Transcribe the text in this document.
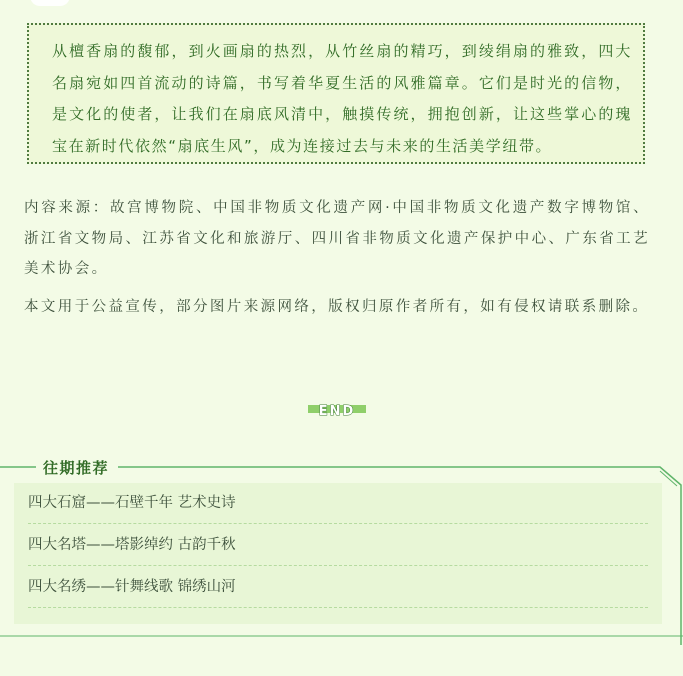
从檀香扇的馥郁，到火画扇的热烈，从竹丝扇的精巧，到绫绢扇的雅致，四大名扇宛如四首流动的诗篇，书写着华夏生活的风雅篇章。它们是时光的信物，是文化的使者，让我们在扇底风清中，触摸传统，拥抱创新，让这些掌心的瑰宝在新时代依然“扇底生风”，成为连接过去与未来的生活美学纽带。
内容来源：故宫博物院、中国非物质文化遗产网·中国非物质文化遗产数字博物馆、浙江省文物局、江苏省文化和旅游厅、四川省非物质文化遗产保护中心、广东省工艺美术协会。
本文用于公益宣传，部分图片来源网络，版权归原作者所有，如有侵权请联系删除。
END
往期推荐
四大石窟——石壁千年 艺术史诗
四大名塔——塔影绰约 古韵千秋
四大名绣——针舞线歌 锦绣山河
